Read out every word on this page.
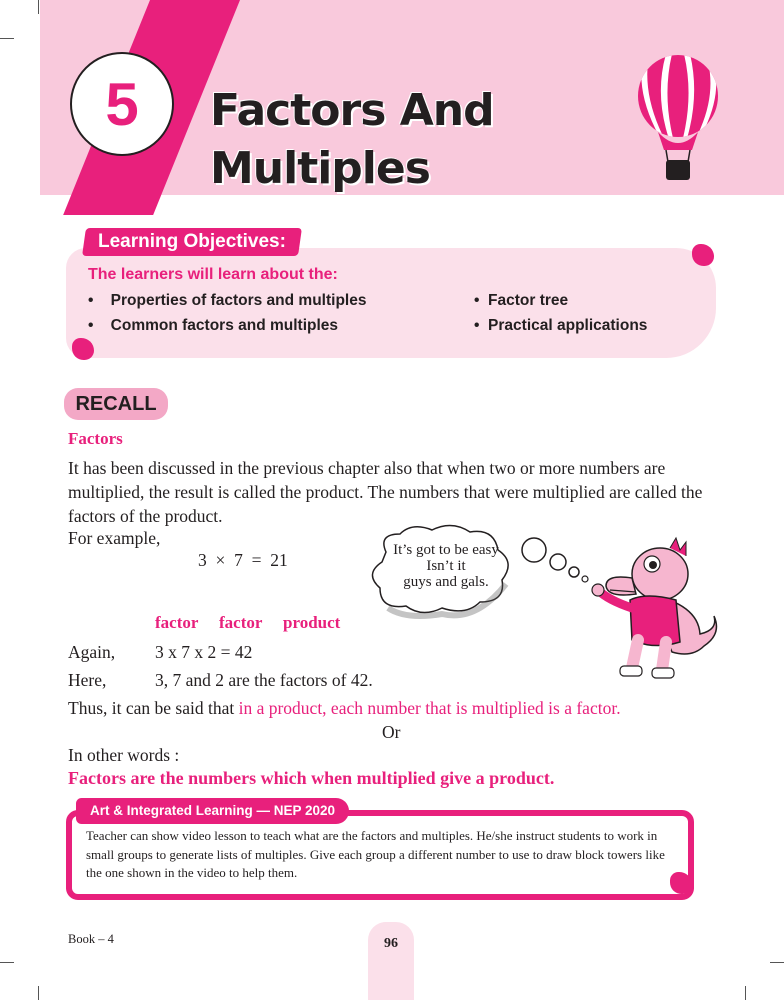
5 Factors And
Multiples
Learning Objectives:
The learners will learn about the:
•    Properties of factors and multiples
•    Common factors and multiples
•  Factor tree
•  Practical applications
RECALL
Factors
It has been discussed in the previous chapter also that when two or more numbers are multiplied, the result is called the product. The numbers that were multiplied are called the factors of the product.
For example,
3  ×  7  =  21
factor factor product
Again, 3 x 7 x 2 = 42
Here,	3, 7 and 2 are the factors of 42.
Thus, it can be said that in a product, each number that is multiplied is a factor.
Or
In other words :
Factors are the numbers which when multiplied give a product.
It’s got to be easy
Isn’t it
guys and gals.
Art & Integrated Learning — NEP 2020
Teacher can show video lesson to teach what are the factors and multiples. He/she instruct students to work in small groups to generate lists of multiples. Give each group a different number to use to draw block towers like the one shown in the video to help them.
Book – 4	96
